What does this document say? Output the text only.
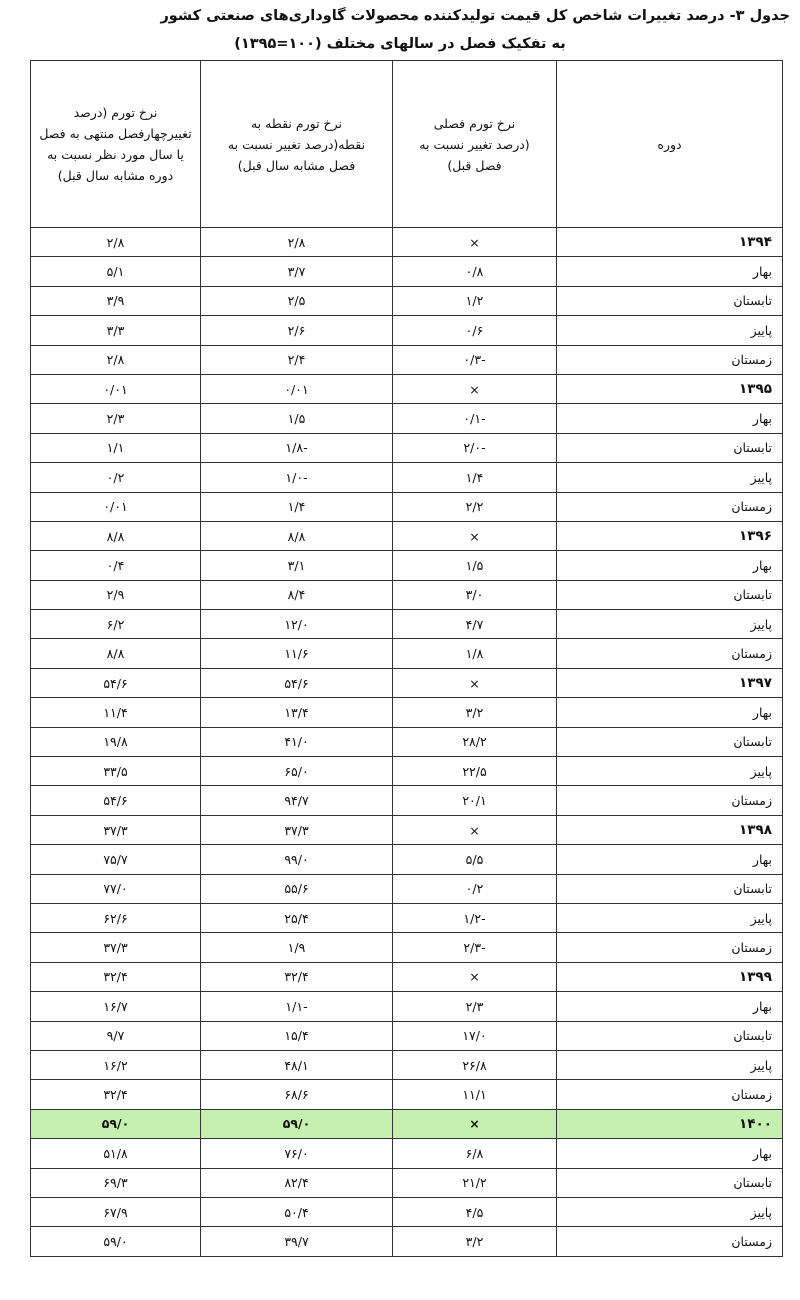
جدول ۳- درصد تغییرات شاخص کل قیمت تولیدکننده محصولات گاوداری‌های صنعتی کشور
به تفکیک فصل در سالهای مختلف (۱۰۰=۱۳۹۵)
دوره	نرخ تورم فصلی (درصد تغییر نسبت به فصل قبل)	نرخ تورم نقطه به نقطه(درصد تغییر نسبت به فصل مشابه سال قبل)	نرخ تورم (درصد تغییرچهارفصل منتهی به فصل یا سال مورد نظر نسبت به دوره مشابه سال قبل)
۱۳۹۴	×	۲/۸	۲/۸
بهار	۰/۸	۳/۷	۵/۱
تابستان	۱/۲	۲/۵	۳/۹
پاییز	۰/۶	۲/۶	۳/۳
زمستان	-۰/۳	۲/۴	۲/۸
۱۳۹۵	×	۰/۰۱	۰/۰۱
بهار	-۰/۱	۱/۵	۲/۳
تابستان	-۲/۰	-۱/۸	۱/۱
پاییز	۱/۴	-۱/۰	۰/۲
زمستان	۲/۲	۱/۴	۰/۰۱
۱۳۹۶	×	۸/۸	۸/۸
بهار	۱/۵	۳/۱	۰/۴
تابستان	۳/۰	۸/۴	۲/۹
پاییز	۴/۷	۱۲/۰	۶/۲
زمستان	۱/۸	۱۱/۶	۸/۸
۱۳۹۷	×	۵۴/۶	۵۴/۶
بهار	۳/۲	۱۳/۴	۱۱/۴
تابستان	۲۸/۲	۴۱/۰	۱۹/۸
پاییز	۲۲/۵	۶۵/۰	۳۳/۵
زمستان	۲۰/۱	۹۴/۷	۵۴/۶
۱۳۹۸	×	۳۷/۳	۳۷/۳
بهار	۵/۵	۹۹/۰	۷۵/۷
تابستان	۰/۲	۵۵/۶	۷۷/۰
پاییز	-۱/۲	۲۵/۴	۶۲/۶
زمستان	-۲/۳	۱/۹	۳۷/۳
۱۳۹۹	×	۳۲/۴	۳۲/۴
بهار	۲/۳	-۱/۱	۱۶/۷
تابستان	۱۷/۰	۱۵/۴	۹/۷
پاییز	۲۶/۸	۴۸/۱	۱۶/۲
زمستان	۱۱/۱	۶۸/۶	۳۲/۴
۱۴۰۰	×	۵۹/۰	۵۹/۰
بهار	۶/۸	۷۶/۰	۵۱/۸
تابستان	۲۱/۲	۸۲/۴	۶۹/۳
پاییز	۴/۵	۵۰/۴	۶۷/۹
زمستان	۳/۲	۳۹/۷	۵۹/۰
